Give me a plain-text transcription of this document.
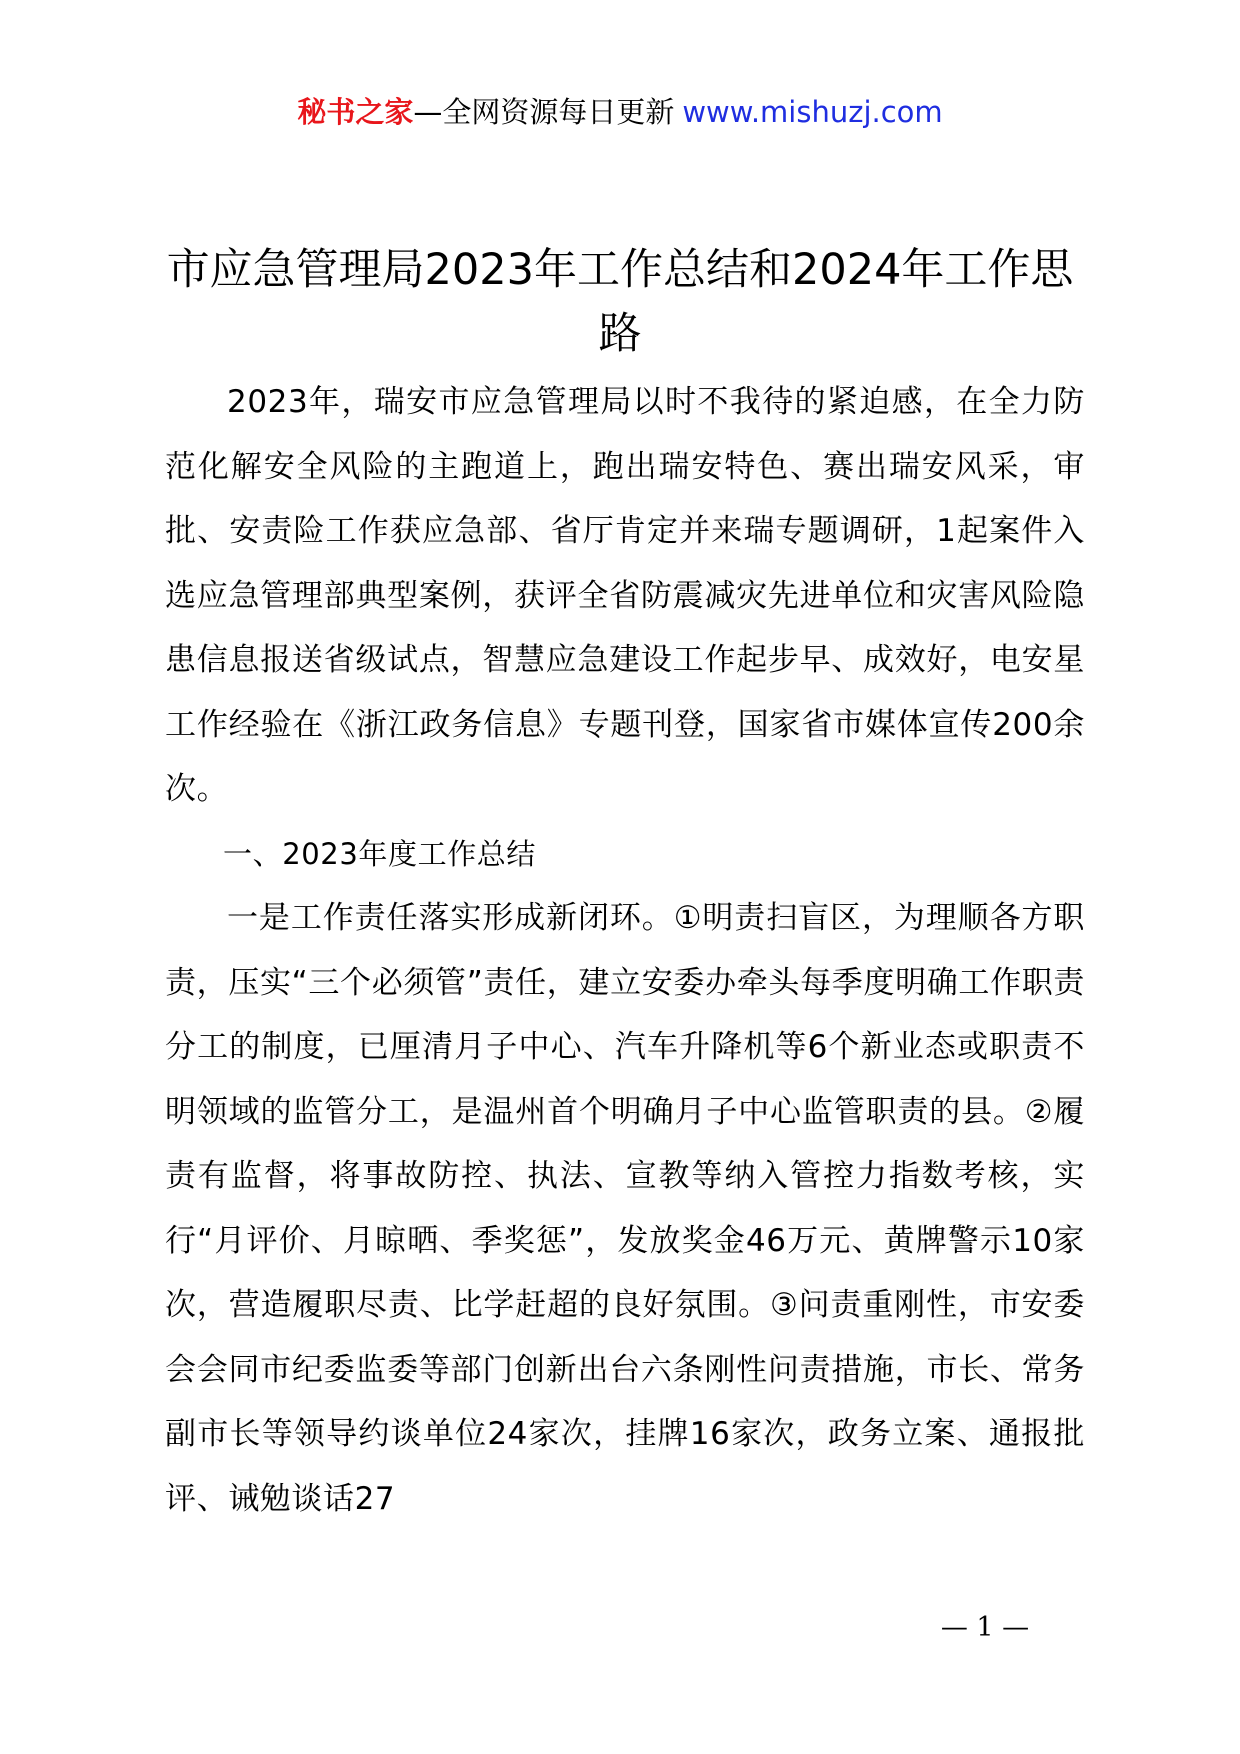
秘书之家—全网资源每日更新 www.mishuzj.com
市应急管理局2023年工作总结和2024年工作思路

2023年，瑞安市应急管理局以时不我待的紧迫感，在全力防范化解安全风险的主跑道上，跑出瑞安特色、赛出瑞安风采，审批、安责险工作获应急部、省厅肯定并来瑞专题调研，1起案件入选应急管理部典型案例，获评全省防震减灾先进单位和灾害风险隐患信息报送省级试点，智慧应急建设工作起步早、成效好，电安星工作经验在《浙江政务信息》专题刊登，国家省市媒体宣传200余次。

一、2023年度工作总结

一是工作责任落实形成新闭环。①明责扫盲区，为理顺各方职责，压实“三个必须管”责任，建立安委办牵头每季度明确工作职责分工的制度，已厘清月子中心、汽车升降机等6个新业态或职责不明领域的监管分工，是温州首个明确月子中心监管职责的县。②履责有监督，将事故防控、执法、宣教等纳入管控力指数考核，实行“月评价、月晾晒、季奖惩”，发放奖金46万元、黄牌警示10家次，营造履职尽责、比学赶超的良好氛围。③问责重刚性，市安委会会同市纪委监委等部门创新出台六条刚性问责措施，市长、常务副市长等领导约谈单位24家次，挂牌16家次，政务立案、通报批评、诫勉谈话27

— 1 —
